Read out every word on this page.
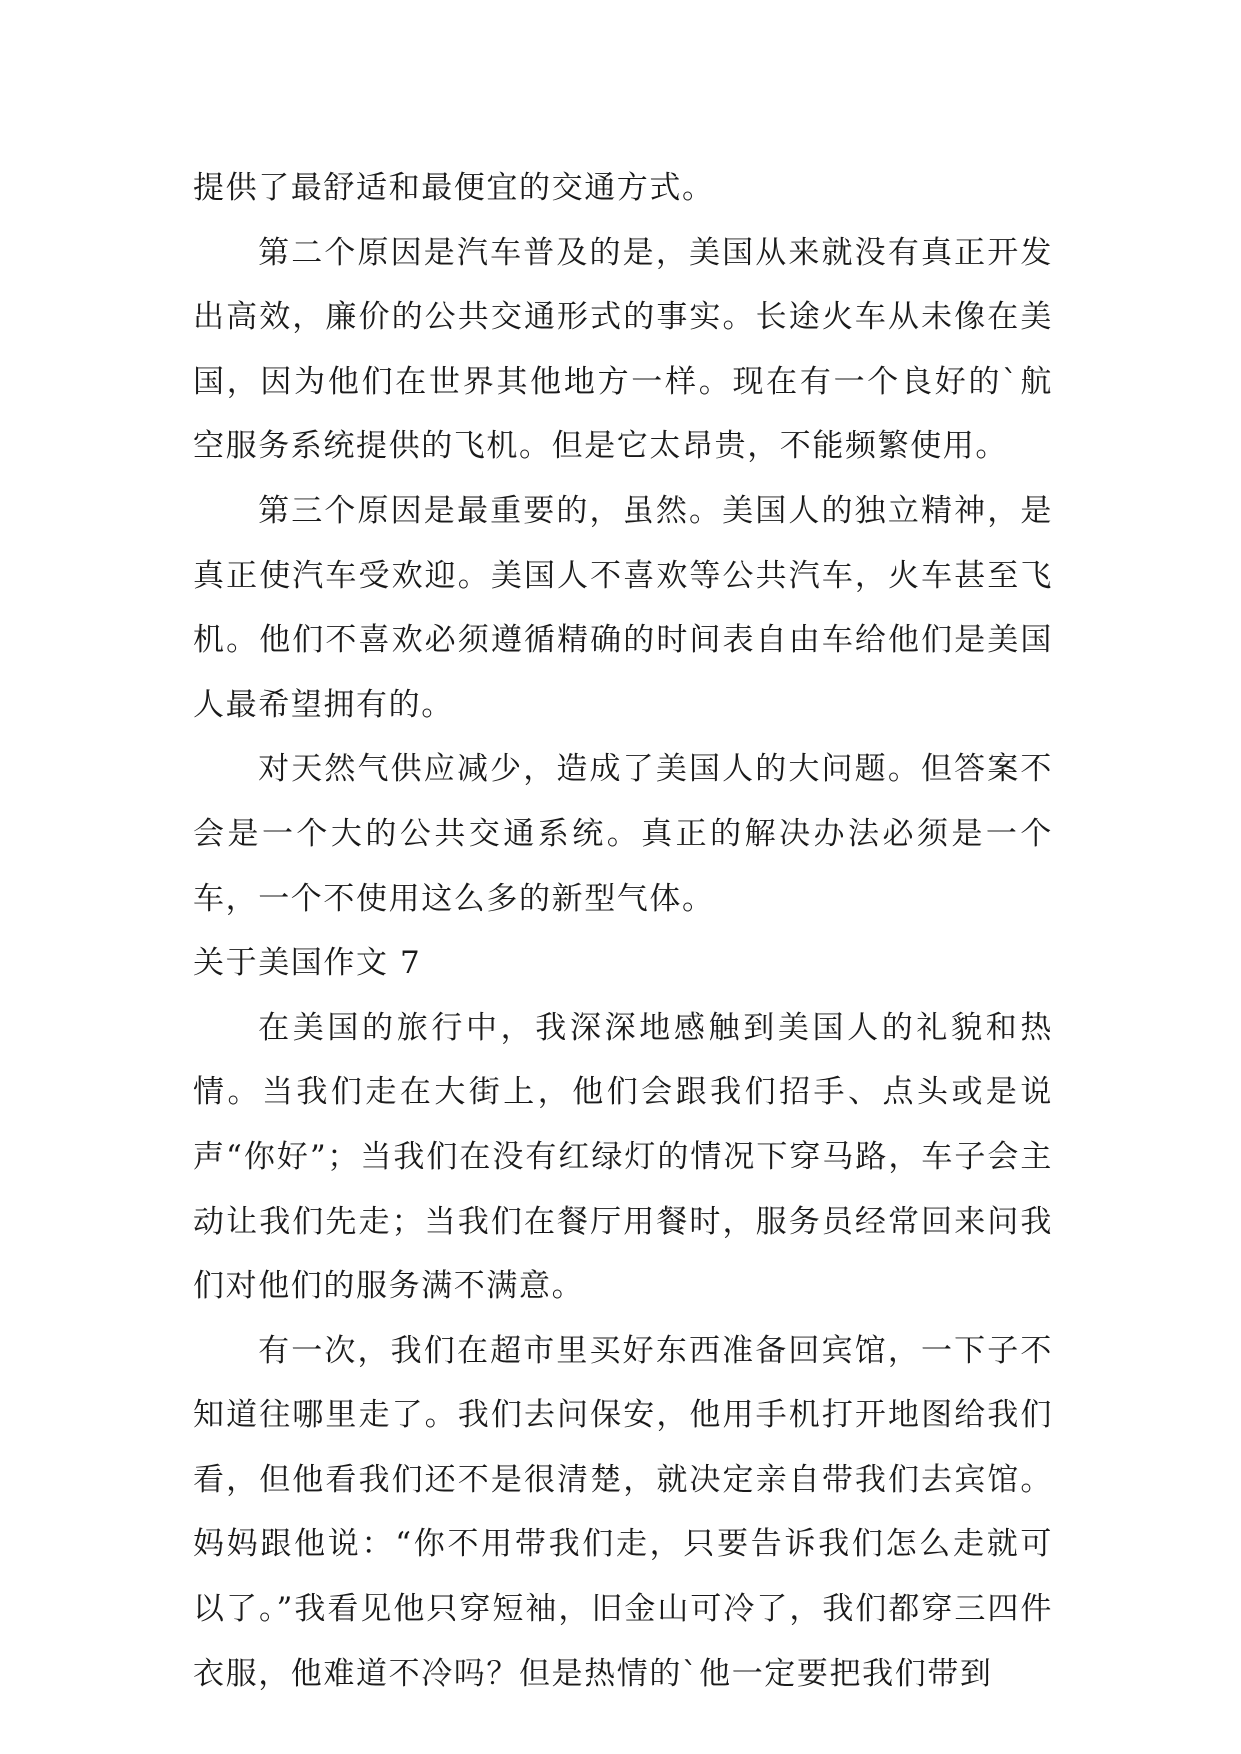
提供了最舒适和最便宜的交通方式。

第二个原因是汽车普及的是，美国从来就没有真正开发出高效，廉价的公共交通形式的事实。长途火车从未像在美国，因为他们在世界其他地方一样。现在有一个良好的`航空服务系统提供的飞机。但是它太昂贵，不能频繁使用。

第三个原因是最重要的，虽然。美国人的独立精神，是真正使汽车受欢迎。美国人不喜欢等公共汽车，火车甚至飞机。他们不喜欢必须遵循精确的时间表自由车给他们是美国人最希望拥有的。

对天然气供应减少，造成了美国人的大问题。但答案不会是一个大的公共交通系统。真正的解决办法必须是一个车，一个不使用这么多的新型气体。

关于美国作文 7

在美国的旅行中，我深深地感触到美国人的礼貌和热情。当我们走在大街上，他们会跟我们招手、点头或是说声“你好”；当我们在没有红绿灯的情况下穿马路，车子会主动让我们先走；当我们在餐厅用餐时，服务员经常回来问我们对他们的服务满不满意。

有一次，我们在超市里买好东西准备回宾馆，一下子不知道往哪里走了。我们去问保安，他用手机打开地图给我们看，但他看我们还不是很清楚，就决定亲自带我们去宾馆。妈妈跟他说：“你不用带我们走，只要告诉我们怎么走就可以了。”我看见他只穿短袖，旧金山可冷了，我们都穿三四件衣服，他难道不冷吗？但是热情的`他一定要把我们带到
